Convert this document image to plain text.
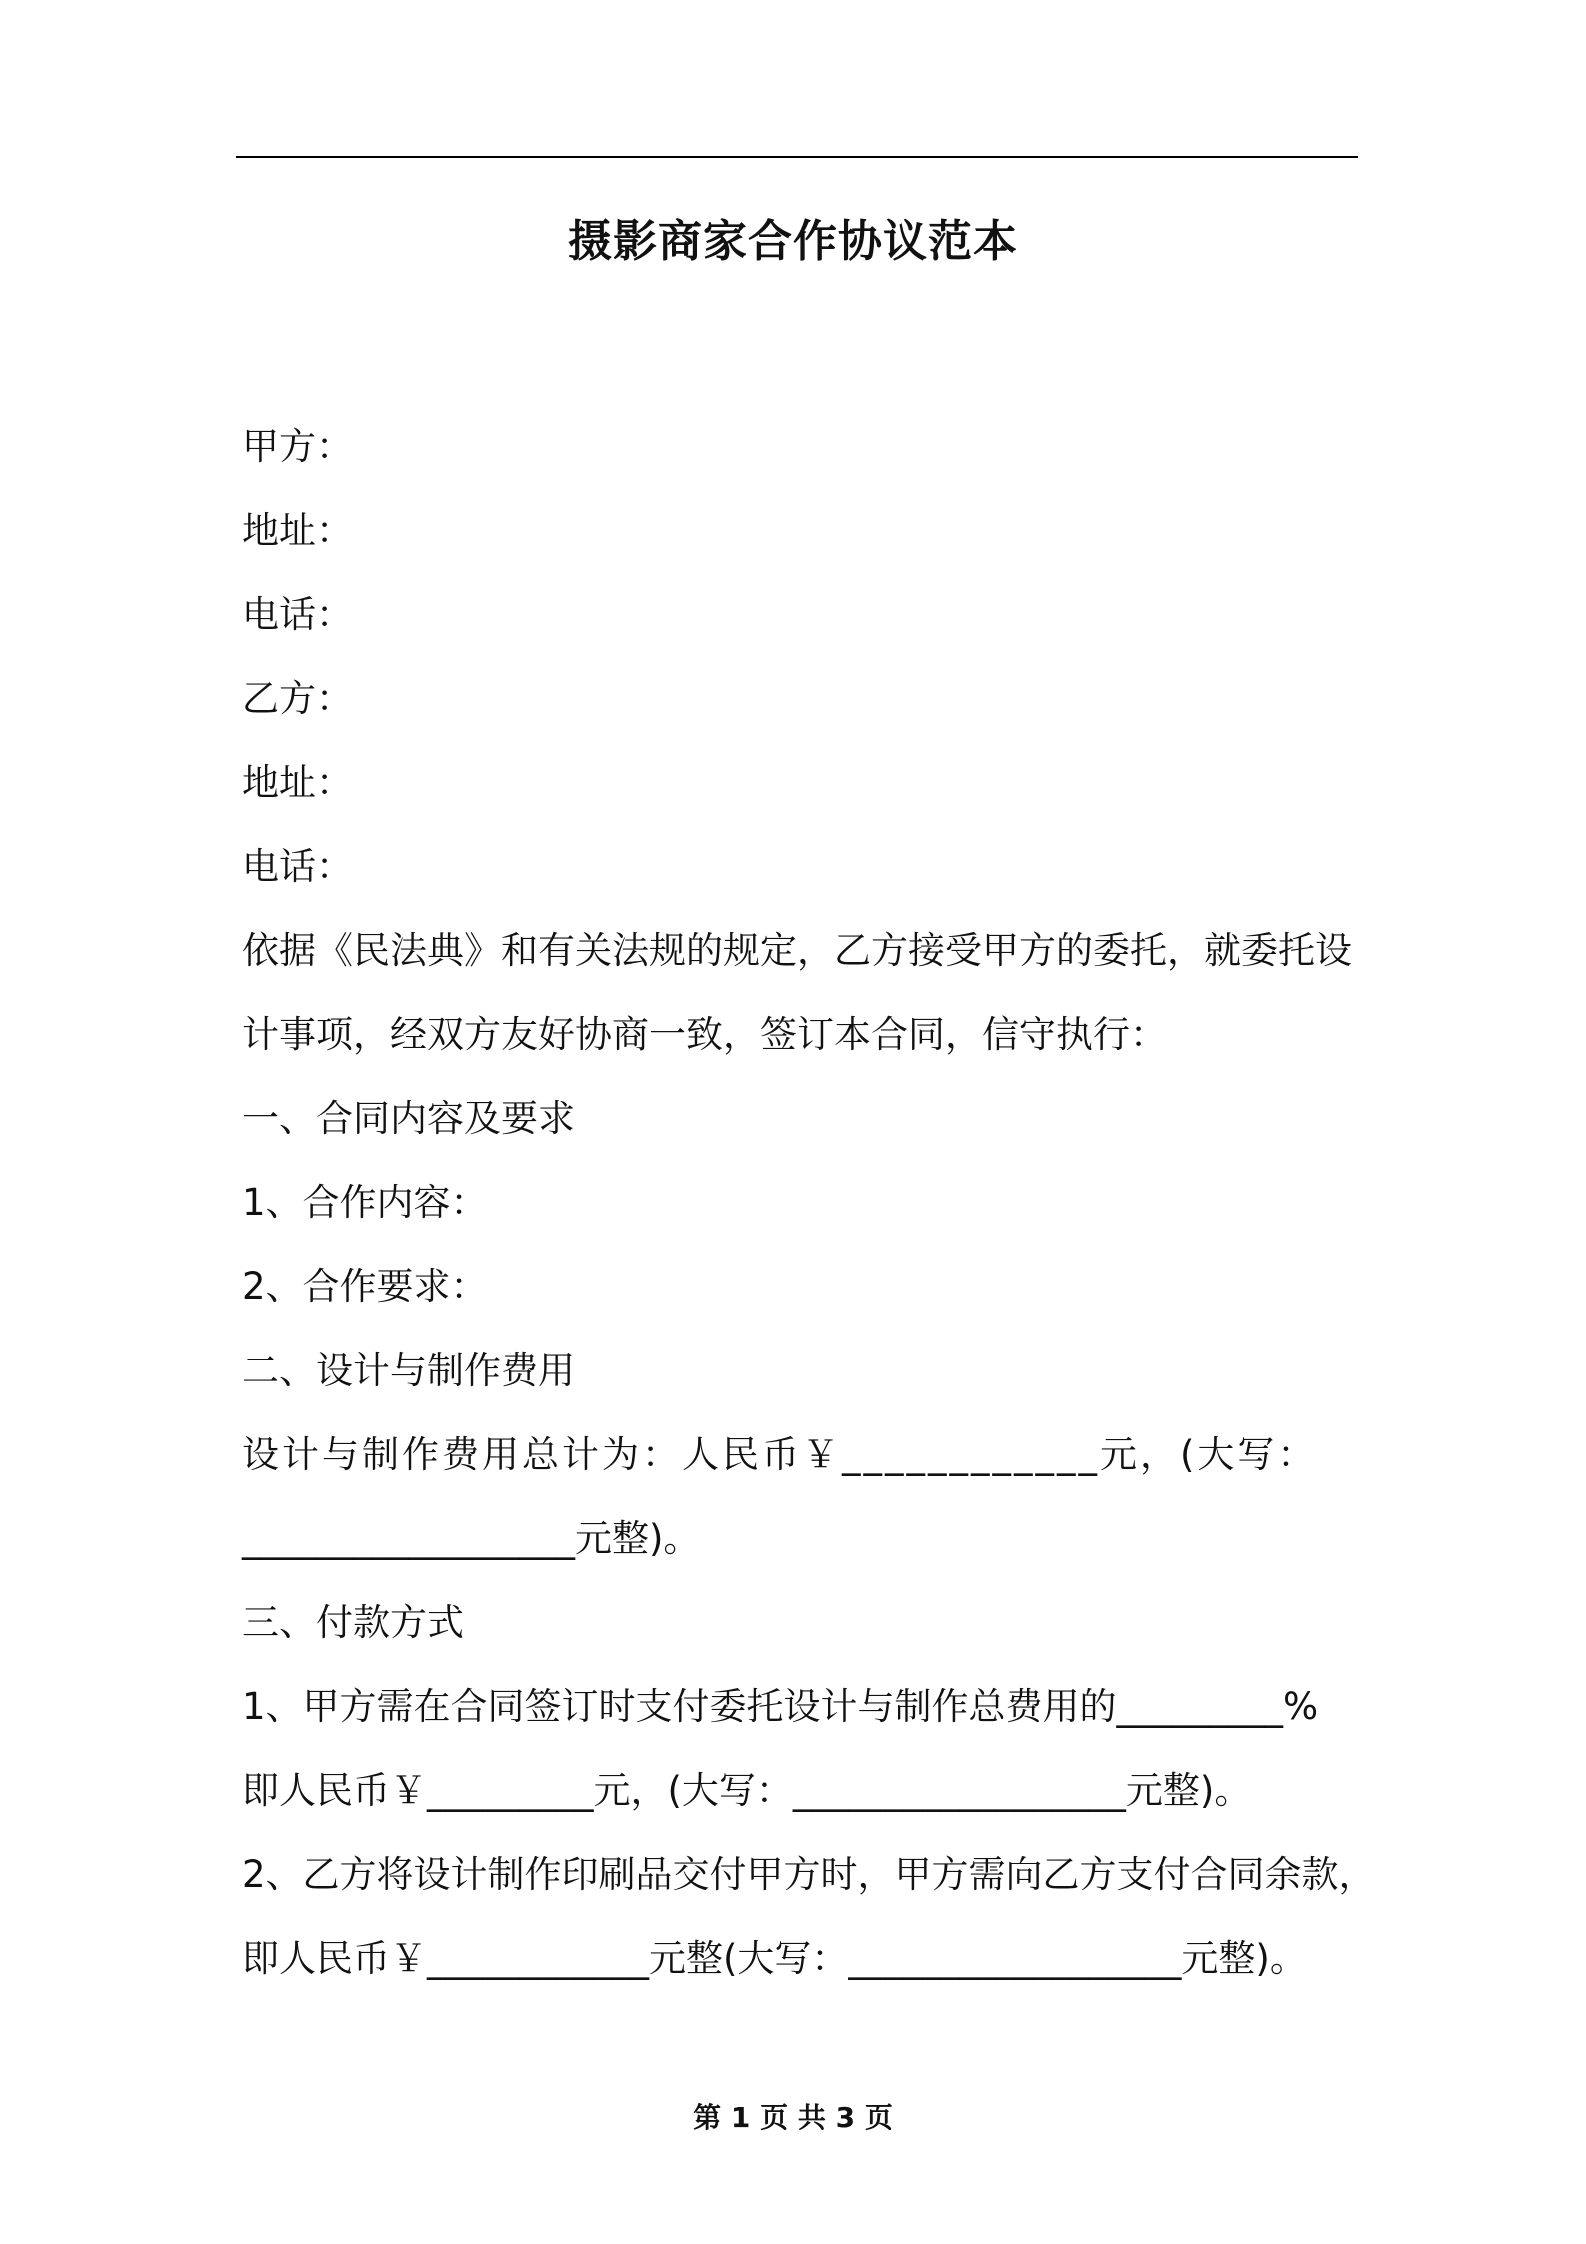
摄影商家合作协议范本
甲方：
地址：
电话：
乙方：
地址：
电话：
依据《民法典》和有关法规的规定，乙方接受甲方的委托，就委托设
计事项，经双方友好协商一致，签订本合同，信守执行：
一、合同内容及要求
1、合作内容：
2、合作要求：
二、设计与制作费用
设计与制作费用总计为：人民币￥____________元，(大写：
__________________元整)。
三、付款方式
1、甲方需在合同签订时支付委托设计与制作总费用的_________%
即人民币￥_________元，(大写：__________________元整)。
2、乙方将设计制作印刷品交付甲方时，甲方需向乙方支付合同余款，
即人民币￥____________元整(大写：__________________元整)。
第 1 页 共 3 页
